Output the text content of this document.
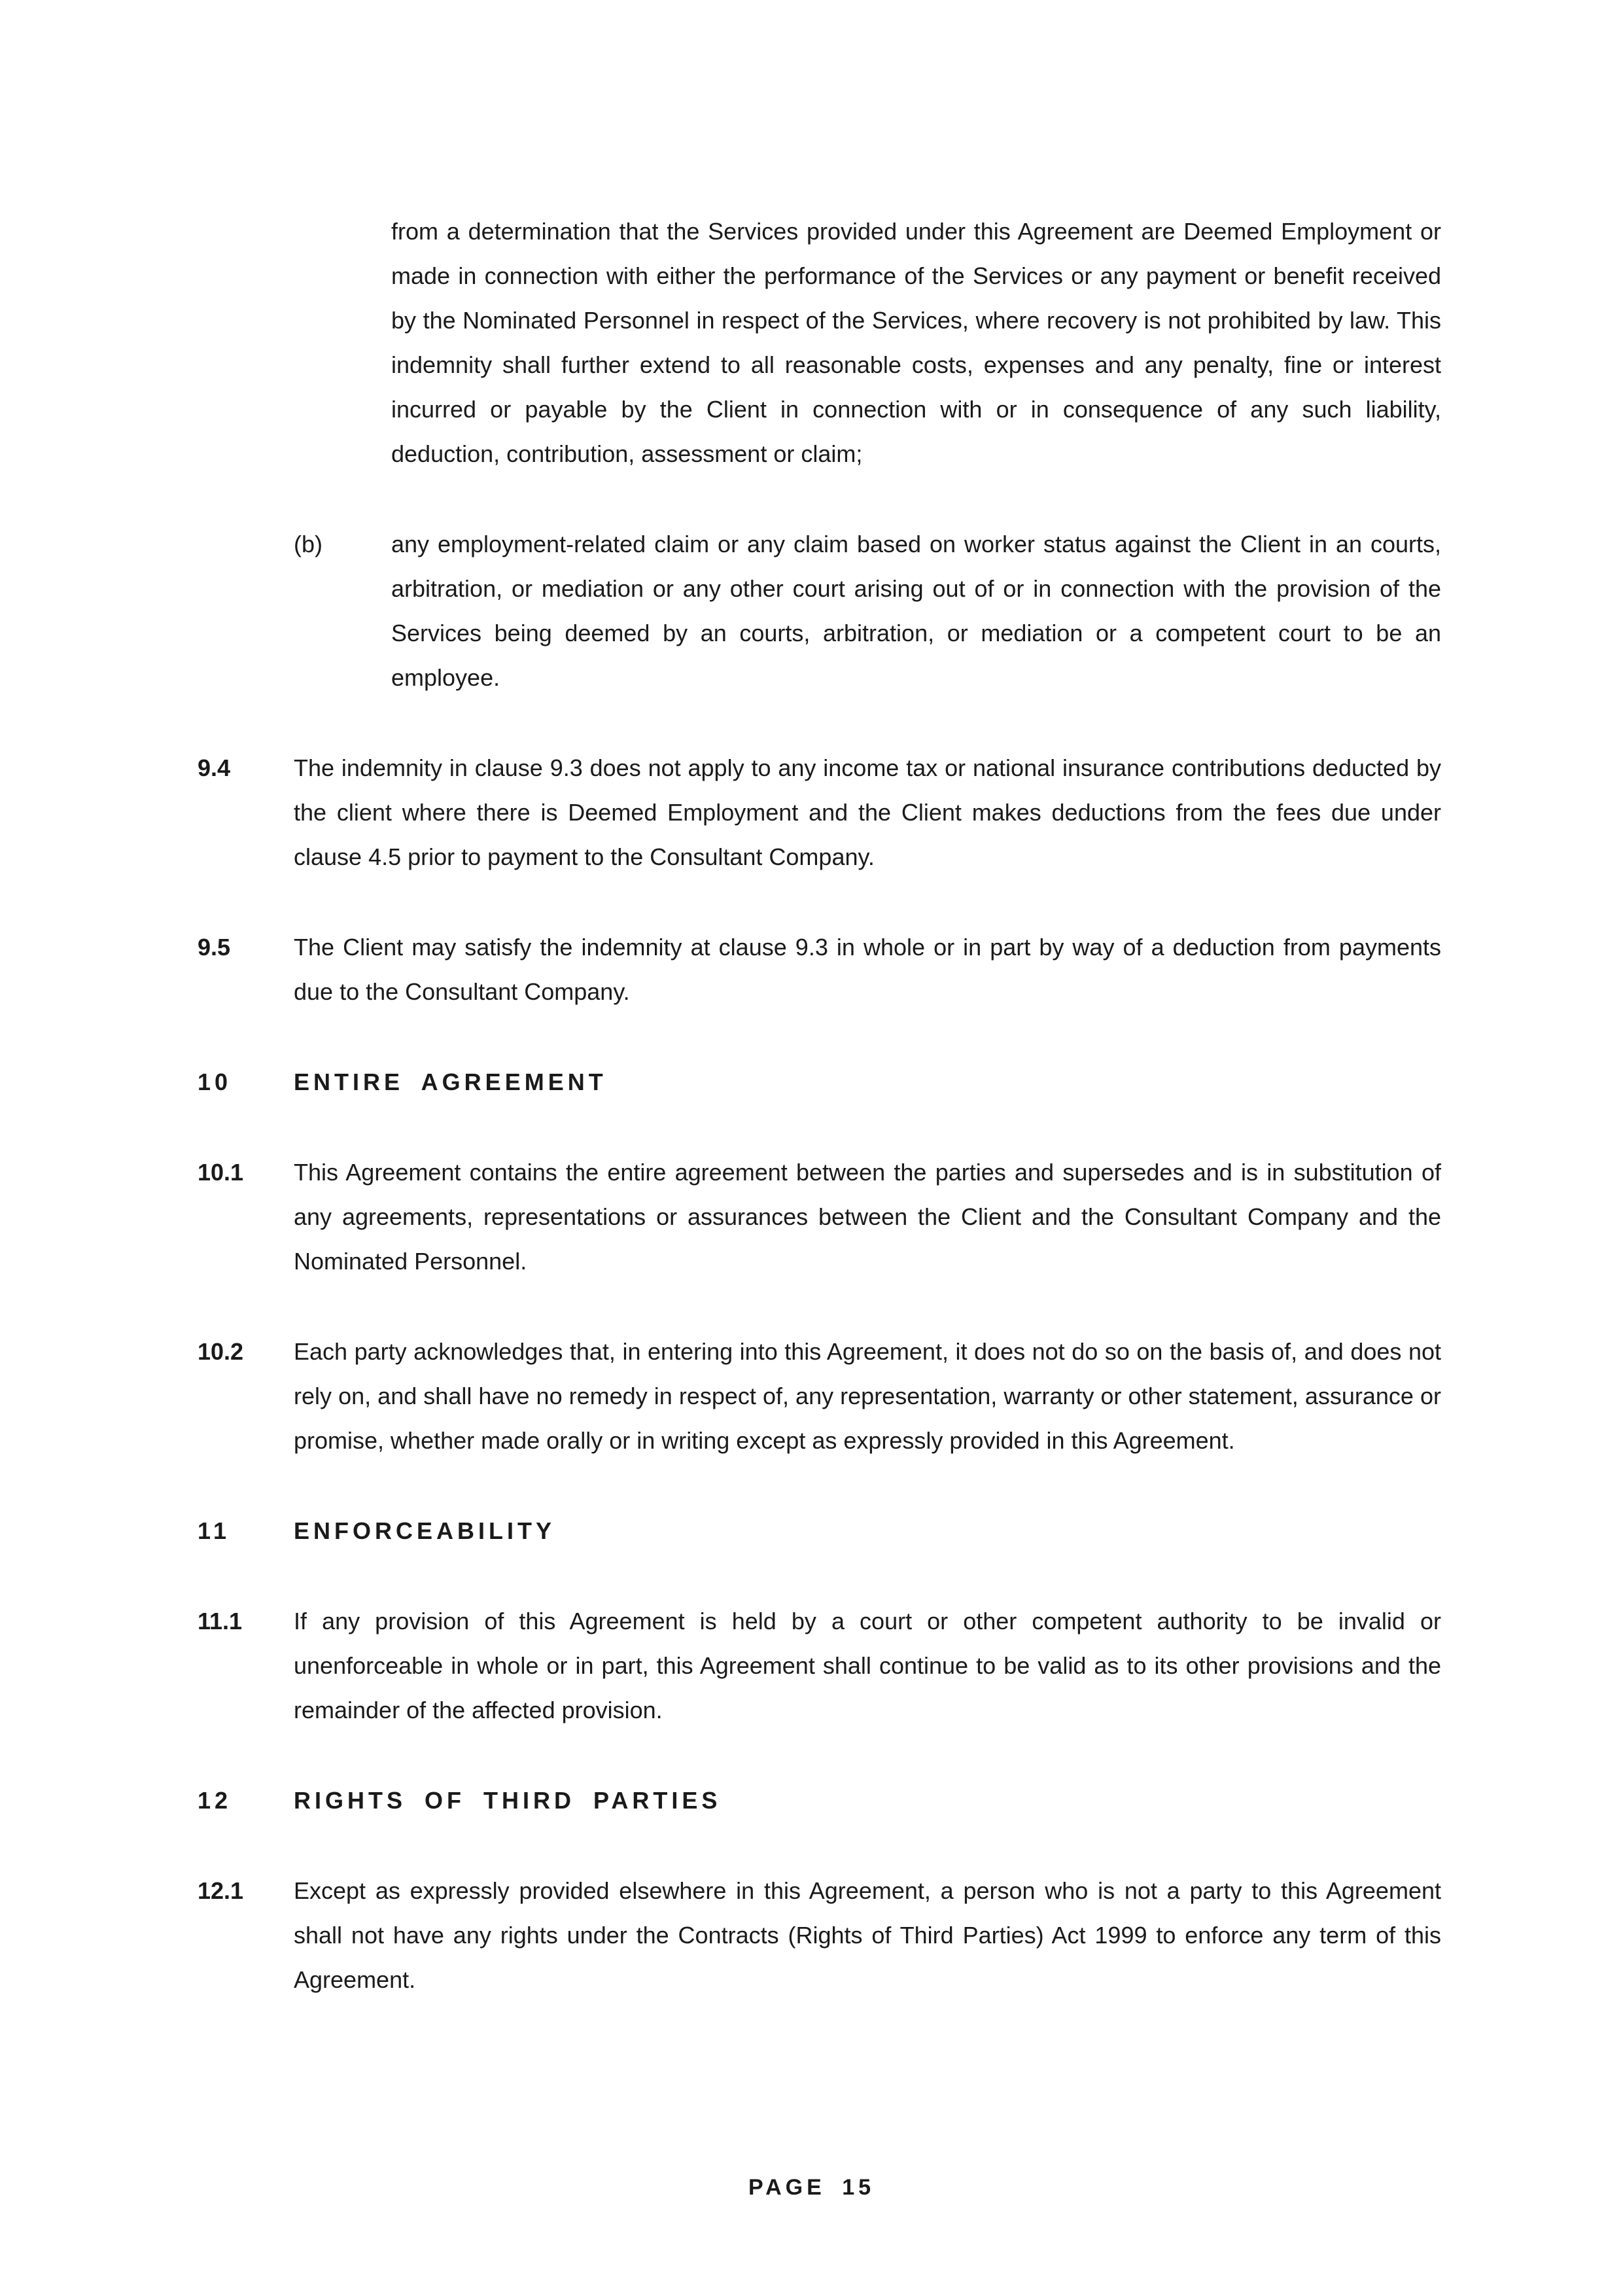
from a determination that the Services provided under this Agreement are Deemed Employment or made in connection with either the performance of the Services or any payment or benefit received by the Nominated Personnel in respect of the Services, where recovery is not prohibited by law. This indemnity shall further extend to all reasonable costs, expenses and any penalty, fine or interest incurred or payable by the Client in connection with or in consequence of any such liability, deduction, contribution, assessment or claim;
(b)	any employment-related claim or any claim based on worker status against the Client in an courts, arbitration, or mediation or any other court arising out of or in connection with the provision of the Services being deemed by an courts, arbitration, or mediation or a competent court to be an employee.
9.4	The indemnity in clause 9.3 does not apply to any income tax or national insurance contributions deducted by the client where there is Deemed Employment and the Client makes deductions from the fees due under clause 4.5 prior to payment to the Consultant Company.
9.5	The Client may satisfy the indemnity at clause 9.3 in whole or in part by way of a deduction from payments due to the Consultant Company.
10	ENTIRE AGREEMENT
10.1	This Agreement contains the entire agreement between the parties and supersedes and is in substitution of any agreements, representations or assurances between the Client and the Consultant Company and the Nominated Personnel.
10.2	Each party acknowledges that, in entering into this Agreement, it does not do so on the basis of, and does not rely on, and shall have no remedy in respect of, any representation, warranty or other statement, assurance or promise, whether made orally or in writing except as expressly provided in this Agreement.
11	ENFORCEABILITY
11.1	If any provision of this Agreement is held by a court or other competent authority to be invalid or unenforceable in whole or in part, this Agreement shall continue to be valid as to its other provisions and the remainder of the affected provision.
12	RIGHTS OF THIRD PARTIES
12.1	Except as expressly provided elsewhere in this Agreement, a person who is not a party to this Agreement shall not have any rights under the Contracts (Rights of Third Parties) Act 1999 to enforce any term of this Agreement.
PAGE 15
